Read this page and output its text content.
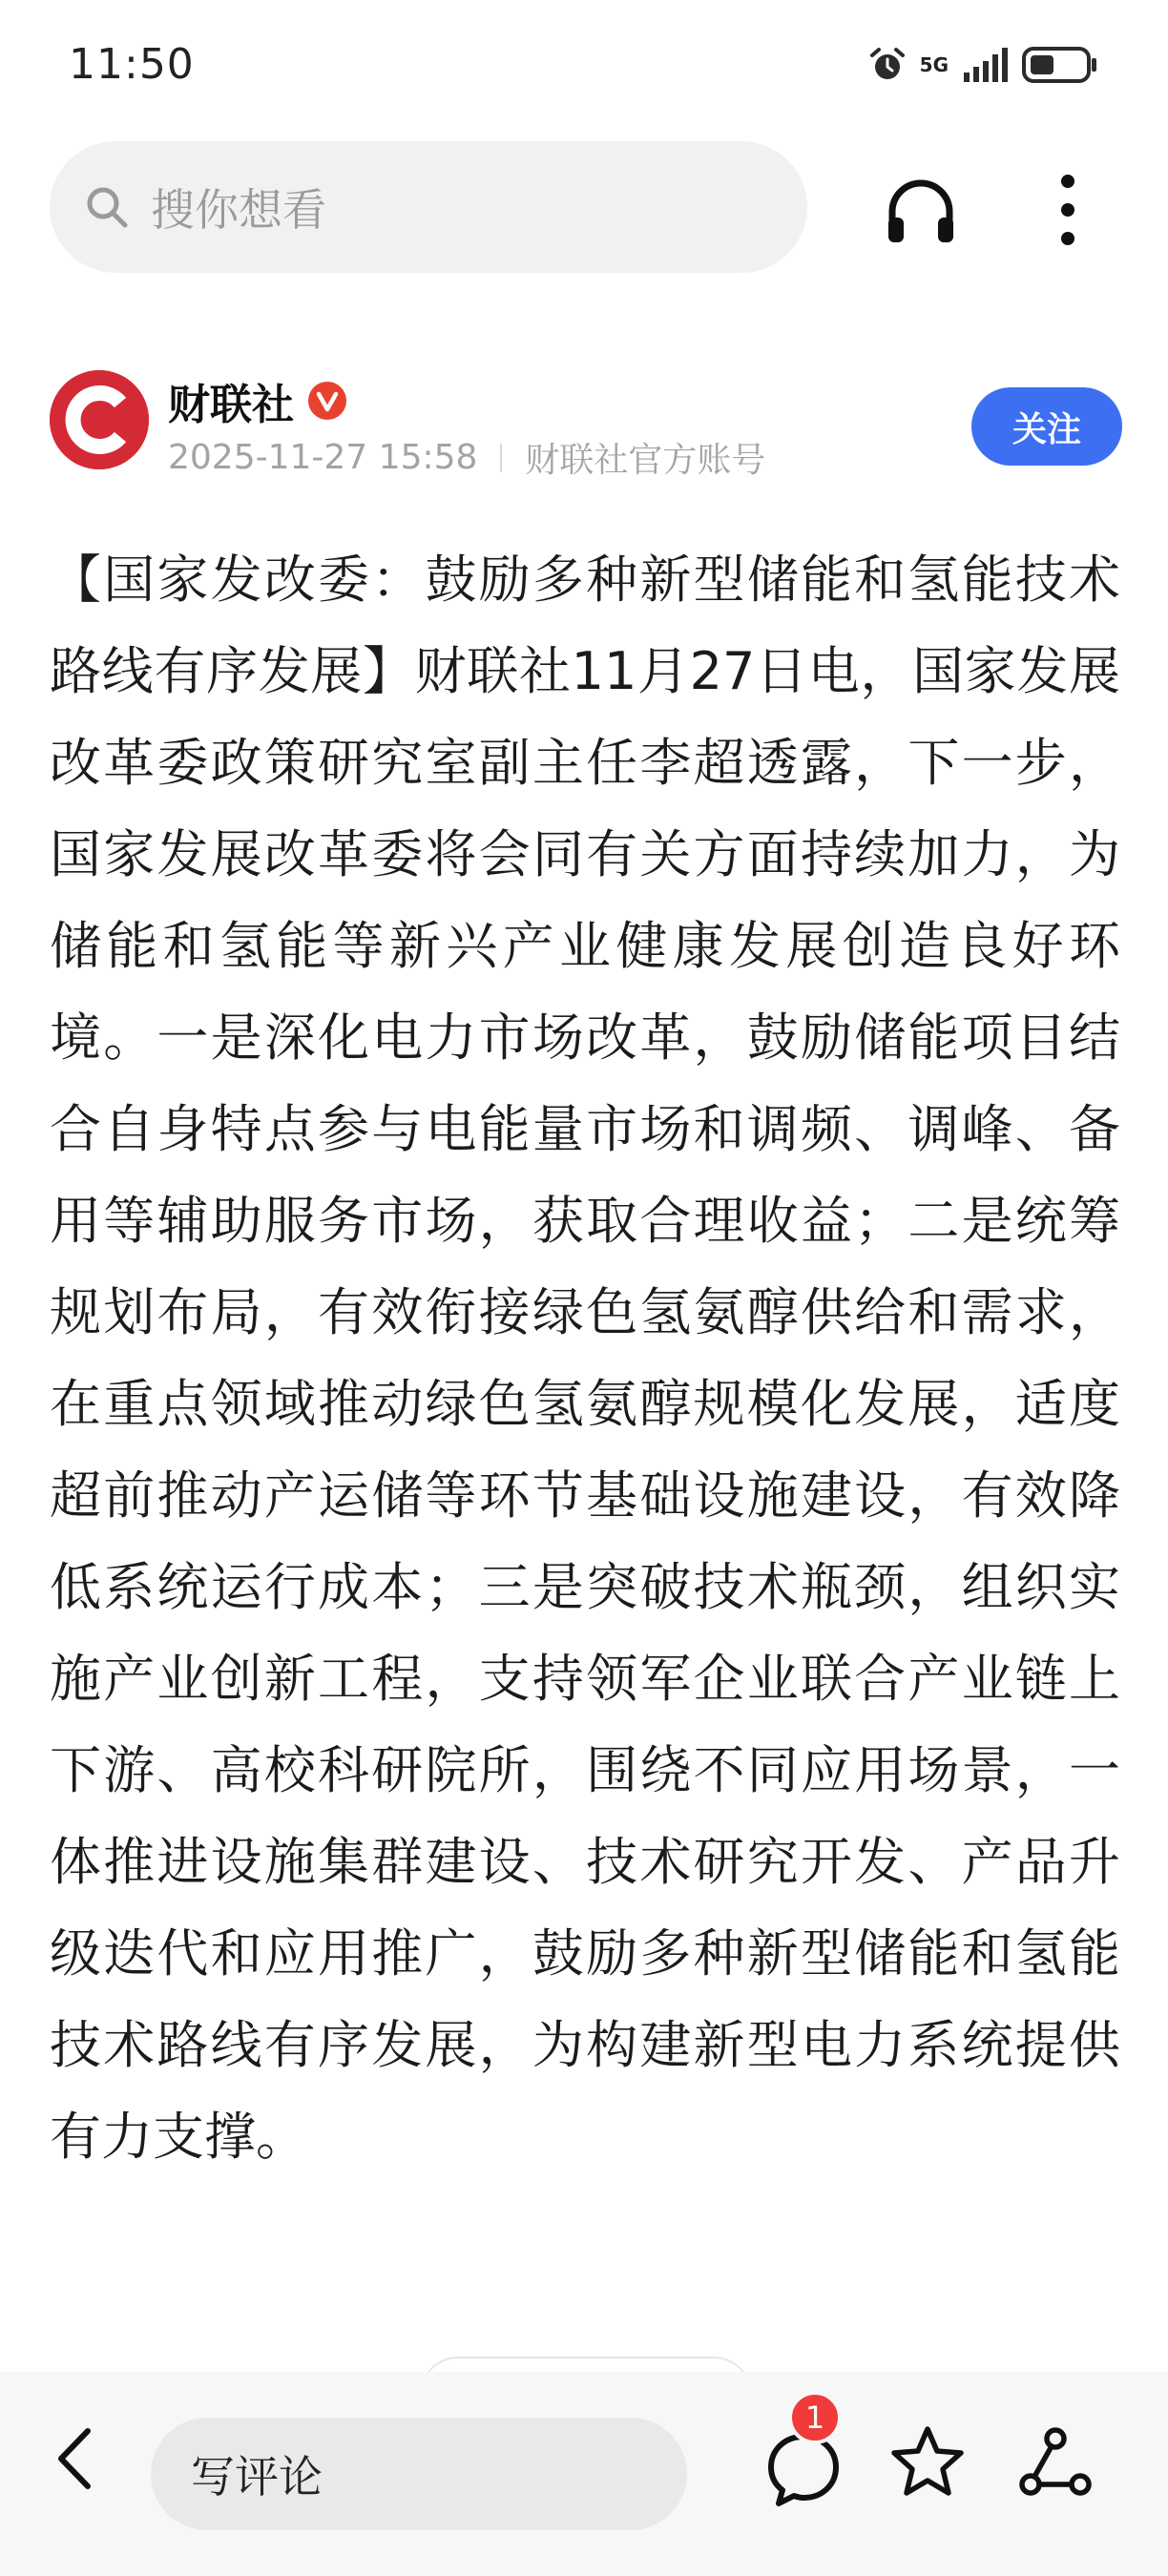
11:50	5G
搜你想看
财联社
2025-11-27 15:58 财联社官方账号
关注
【国家发改委：鼓励多种新型储能和氢能技术路线有序发展】财联社11月27日电，国家发展改革委政策研究室副主任李超透露，下一步，国家发展改革委将会同有关方面持续加力，为储能和氢能等新兴产业健康发展创造良好环境。一是深化电力市场改革，鼓励储能项目结合自身特点参与电能量市场和调频、调峰、备用等辅助服务市场，获取合理收益；二是统筹规划布局，有效衔接绿色氢氨醇供给和需求，在重点领域推动绿色氢氨醇规模化发展，适度超前推动产运储等环节基础设施建设，有效降低系统运行成本；三是突破技术瓶颈，组织实施产业创新工程，支持领军企业联合产业链上下游、高校科研院所，围绕不同应用场景，一体推进设施集群建设、技术研究开发、产品升级迭代和应用推广，鼓励多种新型储能和氢能技术路线有序发展，为构建新型电力系统提供有力支撑。
写评论
1
